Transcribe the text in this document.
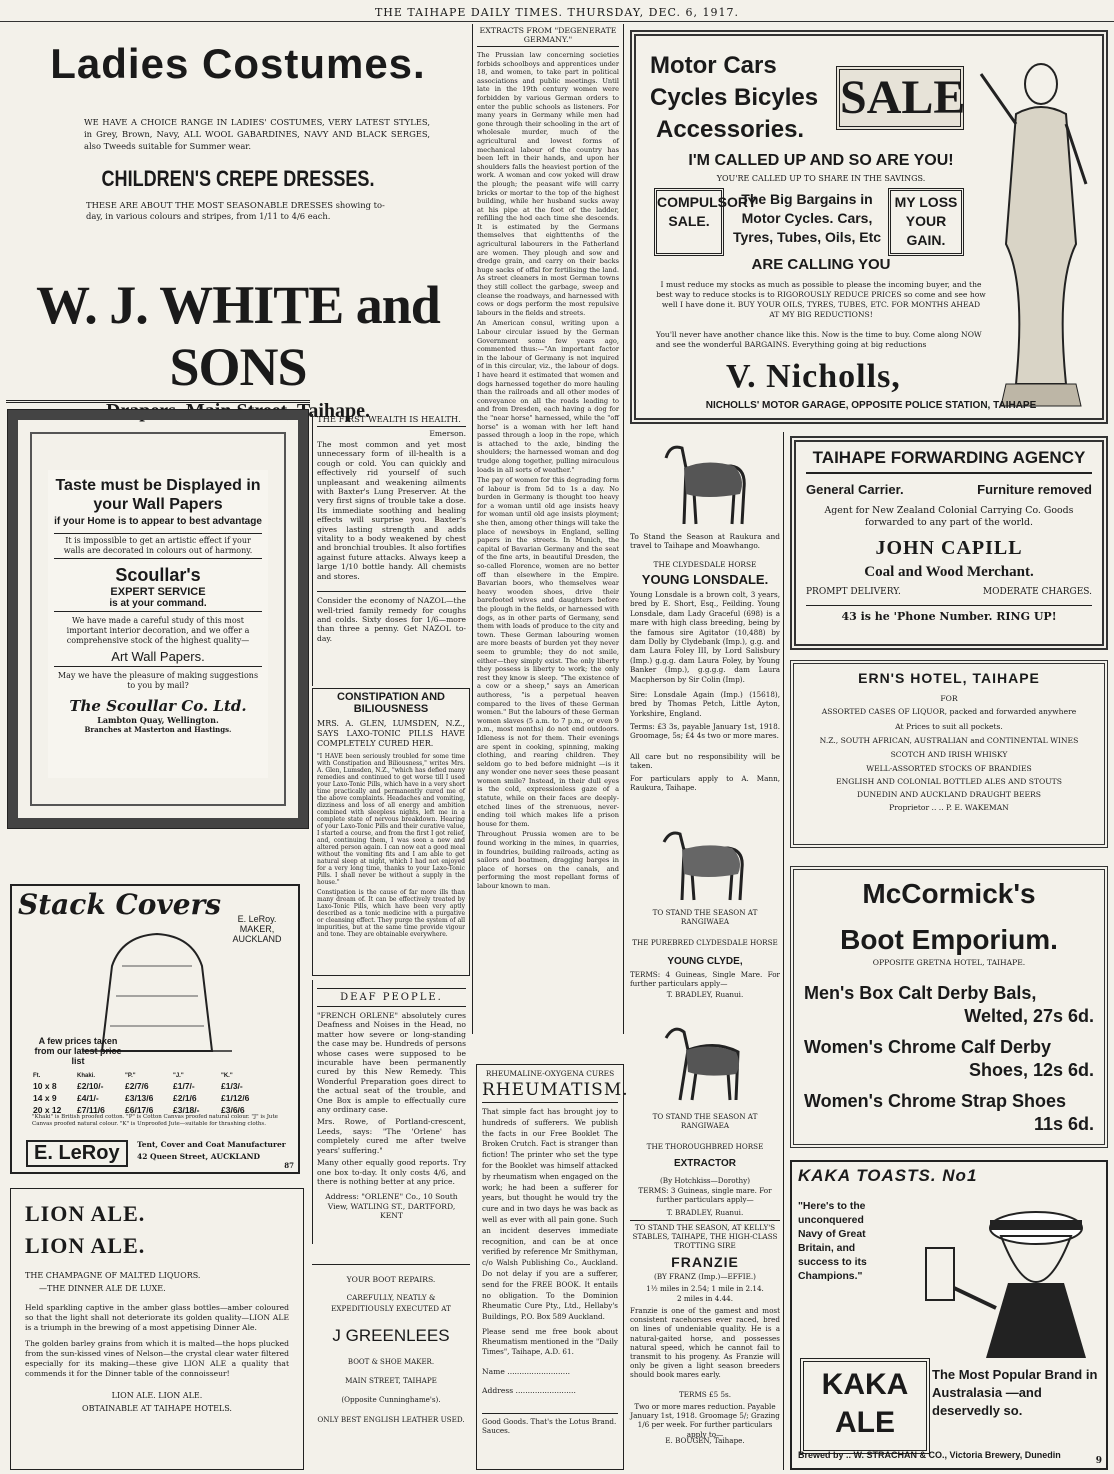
THE TAIHAPE DAILY TIMES. THURSDAY, DEC. 6, 1917.
Ladies Costumes.
WE HAVE A CHOICE RANGE IN LADIES' COSTUMES, VERY LATEST STYLES, in Grey, Brown, Navy, ALL WOOL GABARDINES, NAVY AND BLACK SERGES, also Tweeds suitable for Summer wear.
CHILDREN'S CREPE DRESSES.
THESE ARE ABOUT THE MOST SEASONABLE DRESSES showing to-day, in various colours and stripes, from 1/11 to 4/6 each.
W. J. WHITE and SONS
Drapers, Main Street, Taihape.
Taste must be Displayed in your Wall Papers
if your Home is to appear to best advantage
It is impossible to get an artistic effect if your walls are decorated in colours out of harmony.
Scoullar's
EXPERT SERVICE
is at your command.
We have made a careful study of this most important interior decoration, and we offer a comprehensive stock of the highest quality—
Art Wall Papers.
May we have the pleasure of making suggestions to you by mail?
The Scoullar Co. Ltd.
Lambton Quay, Wellington.
Branches at Masterton and Hastings.
Stack Covers	E. LeRoy. MAKER, AUCKLAND
A few prices taken from our latest price list
Ft.	Khaki.	"P."	"J."	"K."
10 x 8	£2/10/-	£2/7/6	£1/7/-	£1/3/-
14 x 9	£4/1/-	£3/13/6	£2/1/6	£1/12/6
20 x 12	£7/11/6	£6/17/6	£3/18/-	£3/6/6
"Khaki" is British proofed cotton. "P" is Cotton Canvas proofed natural colour. "J" is Jute Canvas proofed natural colour. "K" is Unproofed Jute—suitable for thrashing cloths.
E. LeRoy	Tent, Cover and Coat Manufacturer
42 Queen Street, AUCKLAND
87
LION ALE.
LION ALE.
THE CHAMPAGNE OF MALTED LIQUORS.
—THE DINNER ALE DE LUXE.
Held sparkling captive in the amber glass bottles—amber coloured so that the light shall not deteriorate its golden quality—LION ALE is a triumph in the brewing of a most appetising Dinner Ale.
The golden barley grains from which it is malted—the hops plucked from the sun-kissed vines of Nelson—the crystal clear water filtered especially for its making—these give LION ALE a quality that commends it for the Dinner table of the connoisseur!
LION ALE. LION ALE.
OBTAINABLE AT TAIHAPE HOTELS.
THE FIRST WEALTH IS HEALTH.
Emerson.
The most common and yet most unnecessary form of ill-health is a cough or cold. You can quickly and effectively rid yourself of such unpleasant and weakening ailments with Baxter's Lung Preserver. At the very first signs of trouble take a dose. Its immediate soothing and healing effects will surprise you. Baxter's gives lasting strength and adds vitality to a body weakened by chest and bronchial troubles. It also fortifies against future attacks. Always keep a large 1/10 bottle handy. All chemists and stores.
Consider the economy of NAZOL—the well-tried family remedy for coughs and colds. Sixty doses for 1/6—more than three a penny. Get NAZOL to-day.
CONSTIPATION AND BILIOUSNESS
MRS. A. GLEN, LUMSDEN, N.Z., SAYS LAXO-TONIC PILLS HAVE COMPLETELY CURED HER.
"I HAVE been seriously troubled for some time with Constipation and Biliousness," writes Mrs. A. Glen, Lumsden, N.Z., "which has defied many remedies and continued to get worse till I used your Laxo-Tonic Pills, which have in a very short time practically and permanently cured me of the above complaints. Headaches and vomiting, dizziness and loss of all energy and ambition combined with sleepless nights, left me in a complete state of nervous breakdown. Hearing of your Laxo-Tonic Pills and their curative value, I started a course, and from the first I got relief, and, continuing them, I was soon a new and altered person again. I can now eat a good meal without the vomiting fits and I am able to get natural sleep at night, which I had not enjoyed for a very long time, thanks to your Laxo-Tonic Pills. I shall never be without a supply in the house."
Constipation is the cause of far more ills than many dream of. It can be effectively treated by Laxo-Tonic Pills, which have been very aptly described as a tonic medicine with a purgative or cleansing effect. They purge the system of all impurities, but at the same time provide vigour and tone. They are obtainable everywhere.
DEAF PEOPLE.
"FRENCH ORLENE" absolutely cures Deafness and Noises in the Head, no matter how severe or long-standing the case may be. Hundreds of persons whose cases were supposed to be incurable have been permanently cured by this New Remedy. This Wonderful Preparation goes direct to the actual seat of the trouble, and One Box is ample to effectually cure any ordinary case.
Mrs. Rowe, of Portland-crescent, Leeds, says: "The 'Orlene' has completely cured me after twelve years' suffering."
Many other equally good reports. Try one box to-day. It only costs 4/6, and there is nothing better at any price.
Address: "ORLENE" Co., 10 South View, WATLING ST., DARTFORD, KENT
YOUR BOOT REPAIRS.
CAREFULLY, NEATLY & EXPEDITIOUSLY EXECUTED AT
J GREENLEES
BOOT & SHOE MAKER.
MAIN STREET, TAIHAPE
(Opposite Cunninghame's).
ONLY BEST ENGLISH LEATHER USED.
EXTRACTS FROM "DEGENERATE GERMANY."
The Prussian law concerning societies forbids schoolboys and apprentices under 18, and women, to take part in political associations and public meetings. Until late in the 19th century women were forbidden by various German orders to enter the public schools as listeners. For many years in Germany while men had gone through their schooling in the art of wholesale murder, much of the agricultural and lowest forms of mechanical labour of the country has been left in their hands, and upon her shoulders falls the heaviest portion of the work. A woman and cow yoked will draw the plough; the peasant wife will carry bricks or mortar to the top of the highest building, while her husband sucks away at his pipe at the foot of the ladder, refilling the hod each time she descends. It is estimated by the Germans themselves that eighttenths of the agricultural labourers in the Fatherland are women. They plough and sow and dredge grain, and carry on their backs huge sacks of offal for fertilising the land. As street cleaners in most German towns they still collect the garbage, sweep and cleanse the roadways, and harnessed with cows or dogs perform the most repulsive labours in the fields and streets.
An American consul, writing upon a Labour circular issued by the German Government some few years ago, commented thus:—"An important factor in the labour of Germany is not inquired of in this circular, viz., the labour of dogs. I have heard it estimated that women and dogs harnessed together do more hauling than the railroads and all other modes of conveyance on all the roads leading to and from Dresden, each having a dog for the "near horse" harnessed, while the "off horse" is a woman with her left hand passed through a loop in the rope, which is attached to the axle, binding the shoulders; the harnessed woman and dog trudge along together, pulling miraculous loads in all sorts of weather."
The pay of women for this degrading form of labour is from 5d to 1s a day. No burden in Germany is thought too heavy for a woman until old age insists heavy for woman until old age insists ployment; she then, among other things will take the place of newsboys in England, selling papers in the streets. In Munich, the capital of Bavarian Germany and the seat of the fine arts, in beautiful Dresden, the so-called Florence, women are no better off than elsewhere in the Empire. Bavarian boors, who themselves wear heavy wooden shoes, drive their barefooted wives and daughters before the plough in the fields, or harnessed with dogs, as in other parts of Germany, send them with loads of produce to the city and town. These German labouring women are more beasts of burden yet they never seem to grumble; they do not smile, either—they simply exist. The only liberty they possess is liberty to work; the only rest they know is sleep. "The existence of a cow or a sheep," says an American authoress, "is a perpetual heaven compared to the lives of these German women." But the labours of these German women slaves (5 a.m. to 7 p.m., or even 9 p.m., most months) do not end outdoors. Idleness is not for them. Their evenings are spent in cooking, spinning, making clothing, and rearing children. They seldom go to bed before midnight —is it any wonder one never sees these peasant women smile? Instead, in their dull eyes is the cold, expressionless gaze of a statute, while on their faces are deeply-etched lines of the strenuous, never-ending toil which makes life a prison house for them.
Throughout Prussia women are to be found working in the mines, in quarries, in foundries, building railroads, acting as sailors and boatmen, dragging barges in place of horses on the canals, and performing the most repellant forms of labour known to man.
RHEUMALINE-OXYGENA CURES
RHEUMATISM.
That simple fact has brought joy to hundreds of sufferers. We publish the facts in our Free Booklet The Broken Crutch. Fact is stranger than fiction! The printer who set the type for the Booklet was himself attacked by rheumatism when engaged on the work; he had been a sufferer for years, but thought he would try the cure and in two days he was back as well as ever with all pain gone. Such an incident deserves immediate recognition, and can be at once verified by reference Mr Smithyman, c/o Walsh Publishing Co., Auckland. Do not delay if you are a sufferer, send for the FREE BOOK. It entails no obligation. To the Dominion Rheumatic Cure Pty., Ltd., Hellaby's Buildings, P.O. Box 589 Auckland.
Please send me free book about Rheumatism mentioned in the "Daily Times", Taihape, A.D. 61.
Name ..........................
Address .........................
Good Goods. That's the Lotus Brand. Sauces.
Motor Cars
Cycles Bicyles
Accessories.
SALE
I'M CALLED UP AND SO ARE YOU!
YOU'RE CALLED UP TO SHARE IN THE SAVINGS.
COMPULSORY SALE.
The Big Bargains in Motor Cycles. Cars, Tyres, Tubes, Oils, Etc
MY LOSS YOUR GAIN.
ARE CALLING YOU
I must reduce my stocks as much as possible to please the incoming buyer, and the best way to reduce stocks is to RIGOROUSLY REDUCE PRICES so come and see how well I have done it. BUY YOUR OILS, TYRES, TUBES, ETC. FOR MONTHS AHEAD AT MY BIG REDUCTIONS!
You'll never have another chance like this. Now is the time to buy. Come along NOW and see the wonderful BARGAINS. Everything going at big reductions
V. Nicholls,
NICHOLLS' MOTOR GARAGE, OPPOSITE POLICE STATION, TAIHAPE
To Stand the Season at Raukura and travel to Taihape and Moawhango.
THE CLYDESDALE HORSE
YOUNG LONSDALE.
Young Lonsdale is a brown colt, 3 years, bred by E. Short, Esq., Feilding. Young Lonsdale, dam Lady Graceful (698) is a mare with high class breeding, being by the famous sire Agitator (10,488) by dam Dolly by Clydebank (Imp.), g.g. and dam Laura Foley III, by Lord Salisbury (Imp.) g.g.g. dam Laura Foley, by Young Banker (Imp.), g.g.g.g. dam Laura Macpherson by Sir Colin (Imp).
Sire: Lonsdale Again (Imp.) (15618), bred by Thomas Petch, Little Ayton, Yorkshire, England.
Terms: £3 3s, payable January 1st, 1918. Groomage, 5s; £4 4s two or more mares.
All care but no responsibility will be taken.
For particulars apply to A. Mann, Raukura, Taihape.
TO STAND THE SEASON AT RANGIWAEA
THE PUREBRED CLYDESDALE HORSE
YOUNG CLYDE,
TERMS: 4 Guineas, Single Mare. For further particulars apply—
T. BRADLEY, Ruanui.
TO STAND THE SEASON AT RANGIWAEA
THE THOROUGHBRED HORSE
EXTRACTOR
(By Hotchkiss—Dorothy)
TERMS: 3 Guineas, single mare. For further particulars apply—
T. BRADLEY, Ruanui.
TO STAND THE SEASON, AT KELLY'S STABLES, TAIHAPE, THE HIGH-CLASS TROTTING SIRE
FRANZIE
(BY FRANZ (Imp.)—EFFIE.)
1½ miles in 2.54; 1 mile in 2.14.
2 miles in 4.44.
Franzie is one of the gamest and most consistent racehorses ever raced, bred on lines of undeniable quality. He is a natural-gaited horse, and possesses natural speed, which he cannot fail to transmit to his progeny. As Franzie will only be given a light season breeders should book mares early.
TERMS £5 5s.
Two or more mares reduction. Payable January 1st, 1918. Groomage 5/; Grazing 1/6 per week. For further particulars apply to—
E. BOUGEN, Taihape.
TAIHAPE FORWARDING AGENCY
General Carrier.	Furniture removed
Agent for New Zealand Colonial Carrying Co. Goods forwarded to any part of the world.
JOHN CAPILL
Coal and Wood Merchant.
PROMPT DELIVERY.	MODERATE CHARGES.
43 is he 'Phone Number. RING UP!
ERN'S HOTEL, TAIHAPE
FOR
ASSORTED CASES OF LIQUOR, packed and forwarded anywhere
At Prices to suit all pockets.
N.Z., SOUTH AFRICAN, AUSTRALIAN and CONTINENTAL WINES
SCOTCH AND IRISH WHISKY
WELL-ASSORTED STOCKS OF BRANDIES
ENGLISH AND COLONIAL BOTTLED ALES AND STOUTS
DUNEDIN AND AUCKLAND DRAUGHT BEERS
Proprietor .. .. P. E. WAKEMAN
McCormick's
Boot Emporium.
OPPOSITE GRETNA HOTEL, TAIHAPE.
Men's Box Calt Derby Bals,
Welted, 27s 6d.
Women's Chrome Calf Derby
Shoes, 12s 6d.
Women's Chrome Strap Shoes
11s 6d.
KAKA TOASTS. No1
"Here's to the unconquered Navy of Great Britain, and success to its Champions."
KAKA ALE
The Most Popular Brand in Australasia —and deservedly so.
Brewed by .. W. STRACHAN & CO., Victoria Brewery, Dunedin
9
